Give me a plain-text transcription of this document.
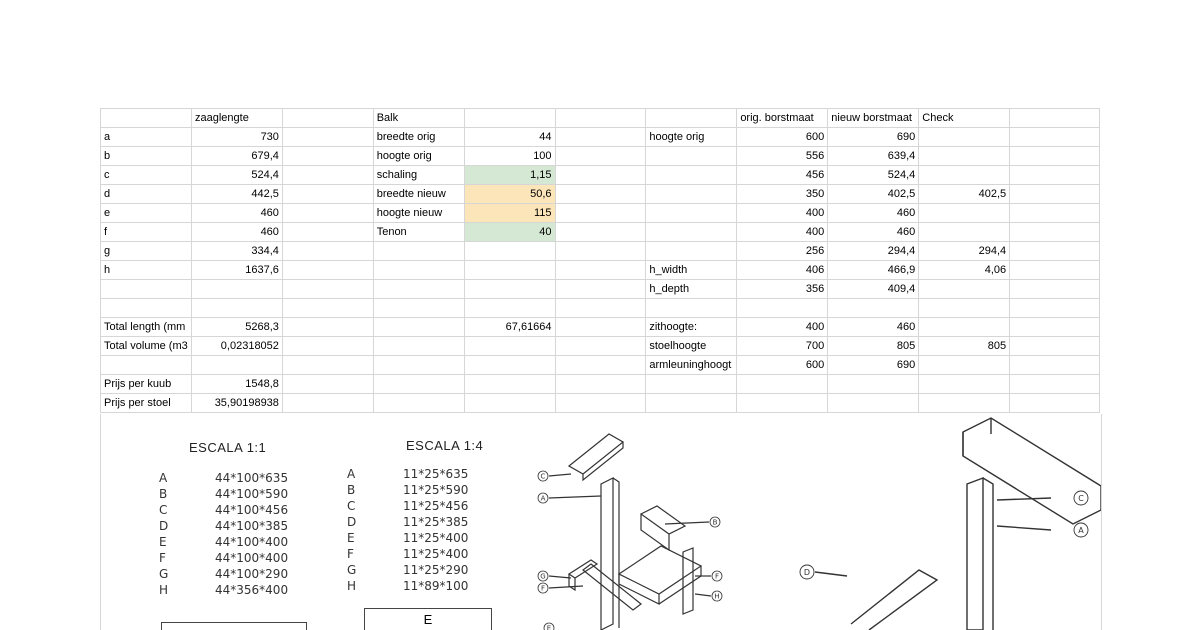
	zaaglengte		Balk				orig. borstmaat	nieuw borstmaat	Check	
a	730		breedte orig	44		hoogte orig	600	690		
b	679,4		hoogte orig	100			556	639,4		
c	524,4		schaling	1,15			456	524,4		
d	442,5		breedte nieuw	50,6			350	402,5	402,5	
e	460		hoogte nieuw	115			400	460		
f	460		Tenon	40			400	460		
g	334,4						256	294,4	294,4	
h	1637,6					h_width	406	466,9	4,06	
						h_depth	356	409,4		

Total length (mm	5268,3			67,61664		zithoogte:	400	460		
Total volume (m3	0,02318052					stoelhoogte	700	805	805	
						armleuninghoogt	600	690		
Prijs per kuub	1548,8									
Prijs per stoel	35,90198938									
ESCALA 1:1
A	44*100*635
B	44*100*590
C	44*100*456
D	44*100*385
E	44*100*400
F	44*100*400
G	44*100*290
H	44*356*400
ESCALA 1:4
A	11*25*635
B	11*25*590
C	11*25*456
D	11*25*385
E	11*25*400
F	11*25*400
G	11*25*290
H	11*89*100
E
C
A
B
G
F
F
H
E
C
A
D
